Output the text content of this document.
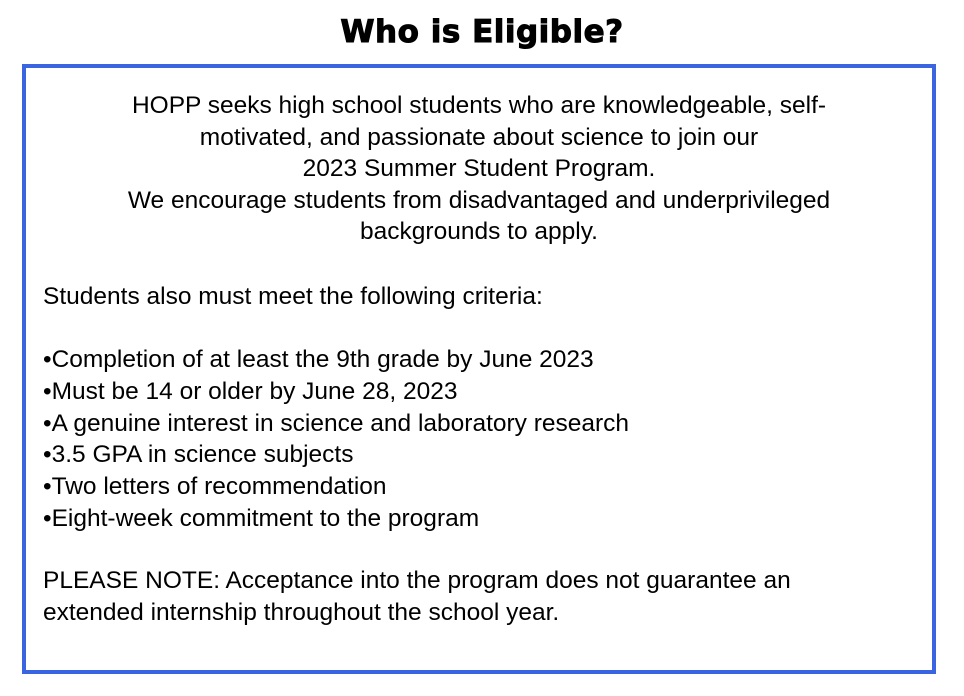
Who is Eligible?
HOPP seeks high school students who are knowledgeable, self-
motivated, and passionate about science to join our
2023 Summer Student Program.
We encourage students from disadvantaged and underprivileged
backgrounds to apply.
Students also must meet the following criteria:
•Completion of at least the 9th grade by June 2023
•Must be 14 or older by June 28, 2023
•A genuine interest in science and laboratory research
•3.5 GPA in science subjects
•Two letters of recommendation
•Eight-week commitment to the program
PLEASE NOTE: Acceptance into the program does not guarantee an
extended internship throughout the school year.
